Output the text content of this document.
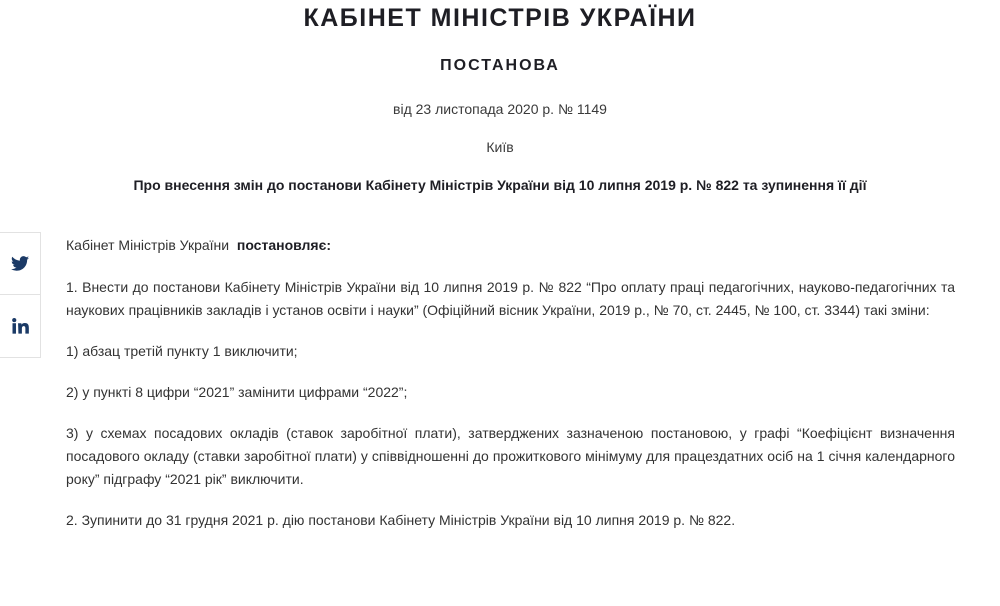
КАБІНЕТ МІНІСТРІВ УКРАЇНИ
ПОСТАНОВА
від 23 листопада 2020 р. № 1149
Київ
Про внесення змін до постанови Кабінету Міністрів України від 10 липня 2019 р. № 822 та зупинення її дії

Кабінет Міністрів України постановляє:

1. Внести до постанови Кабінету Міністрів України від 10 липня 2019 р. № 822 “Про оплату праці педагогічних, науково-педагогічних та наукових працівників закладів і установ освіти і науки” (Офіційний вісник України, 2019 р., № 70, ст. 2445, № 100, ст. 3344) такі зміни:

1) абзац третій пункту 1 виключити;

2) у пункті 8 цифри “2021” замінити цифрами “2022”;

3) у схемах посадових окладів (ставок заробітної плати), затверджених зазначеною постановою, у графі “Коефіцієнт визначення посадового окладу (ставки заробітної плати) у співвідношенні до прожиткового мінімуму для працездатних осіб на 1 січня календарного року” підграфу “2021 рік” виключити.

2. Зупинити до 31 грудня 2021 р. дію постанови Кабінету Міністрів України від 10 липня 2019 р. № 822.
